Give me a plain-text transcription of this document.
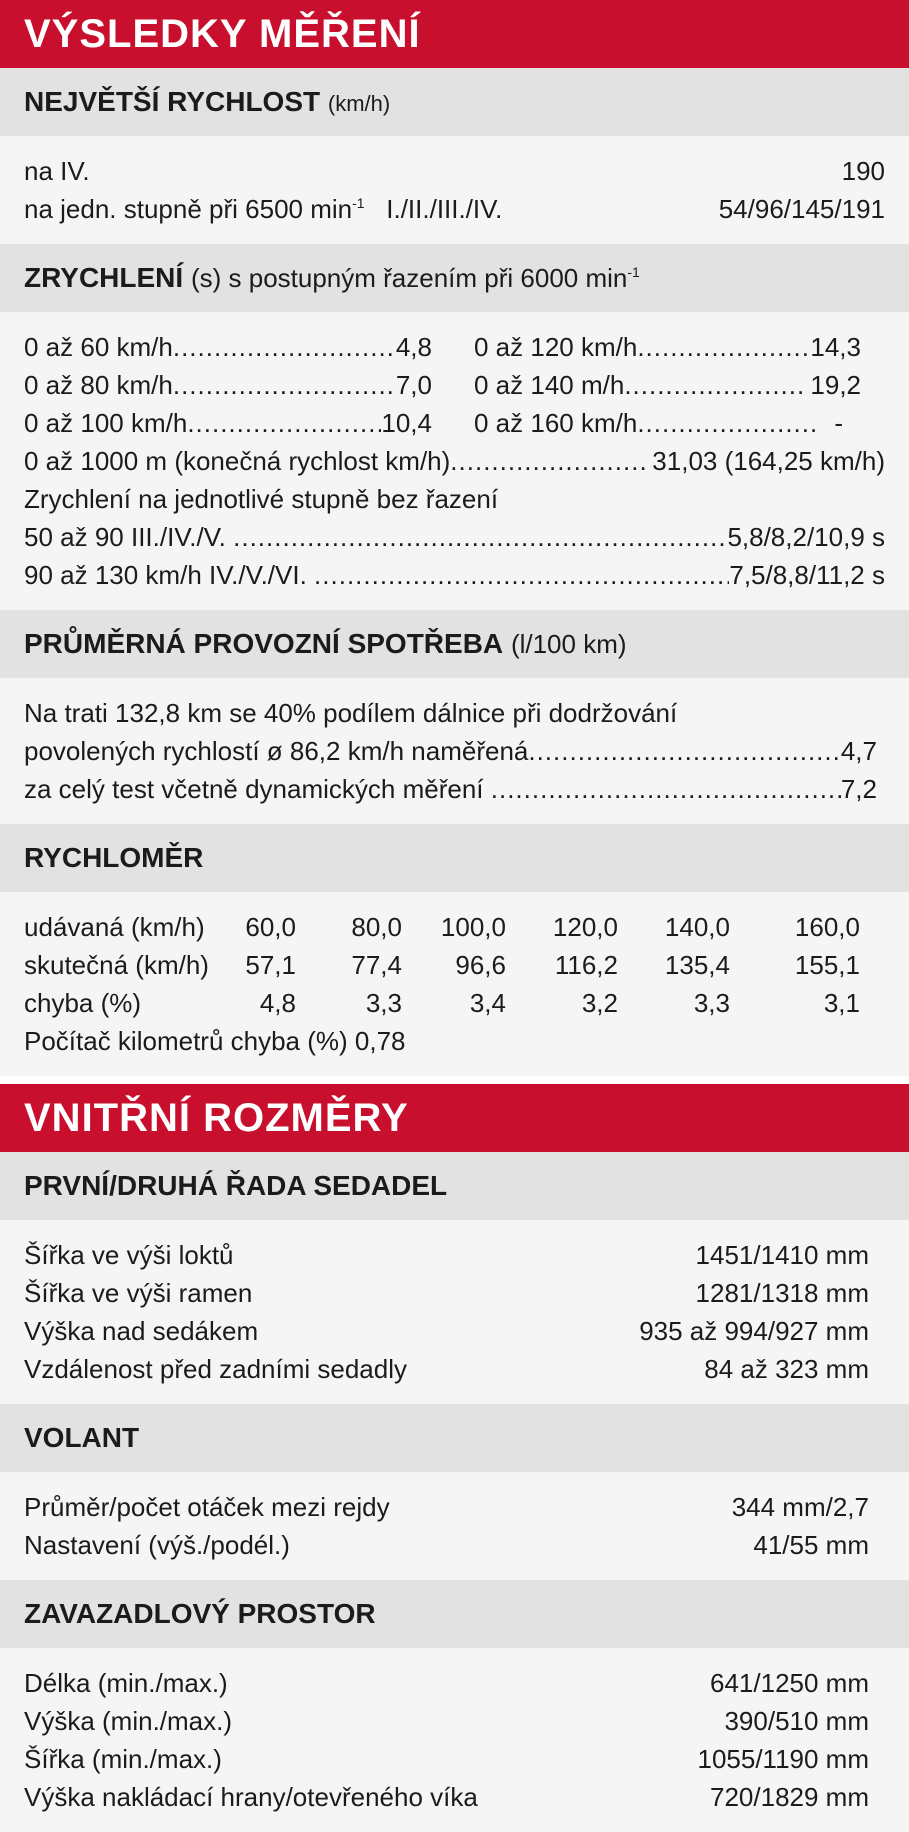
VÝSLEDKY MĚŘENÍ
NEJVĚTŠÍ RYCHLOST (km/h)
na IV.	190
na jedn. stupně při 6500 $\min^{-1} I./II./III./IV$.	54/96/145/191
ZRYCHLENÍ (s) s postupným řazením při 6000 $\min^{-1}$
0 až 60 km/h .....	4,8
0 až 80 km/h .....	7,0
0 až 100 km/h .....	10,4
0 až 120 km/h .....	14,3
0 až 140 m/h .....	19,2
0 až 160 km/h .....	-
0 až 1000 m (konečná rychlost km/h) .....	31,03 (164,25 km/h)
Zrychlení na jednotlivé stupně bez řazení
50 až 90 III./IV./V. .....	5,8/8,2/10,9 s
90 až 130 km/h IV./V./VI. .....	7,5/8,8/11,2 s
PRŮMĚRNÁ PROVOZNÍ SPOTŘEBA (l/100 km)
Na trati 132,8 km se 40% podílem dálnice při dodržování
povolených rychlostí ø 86,2 km/h naměřená .....	4,7
za celý test včetně dynamických měření .....	7,2
RYCHLOMĚR
udávaná (km/h)	60,0	80,0	100,0	120,0	140,0	160,0
skutečná (km/h)	57,1	77,4	96,6	116,2	135,4	155,1
chyba (%)	4,8	3,3	3,4	3,2	3,3	3,1
Počítač kilometrů chyba (%) 0,78
VNITŘNÍ ROZMĚRY
PRVNÍ/DRUHÁ ŘADA SEDADEL
Šířka ve výši loktů	1451/1410 mm
Šířka ve výši ramen	1281/1318 mm
Výška nad sedákem	935 až 994/927 mm
Vzdálenost před zadními sedadly	84 až 323 mm
VOLANT
Průměr/počet otáček mezi rejdy	344 mm/2,7
Nastavení (výš./podél.)	41/55 mm
ZAVAZADLOVÝ PROSTOR
Délka (min./max.)	641/1250 mm
Výška (min./max.)	390/510 mm
Šířka (min./max.)	1055/1190 mm
Výška nakládací hrany/otevřeného víka	720/1829 mm
